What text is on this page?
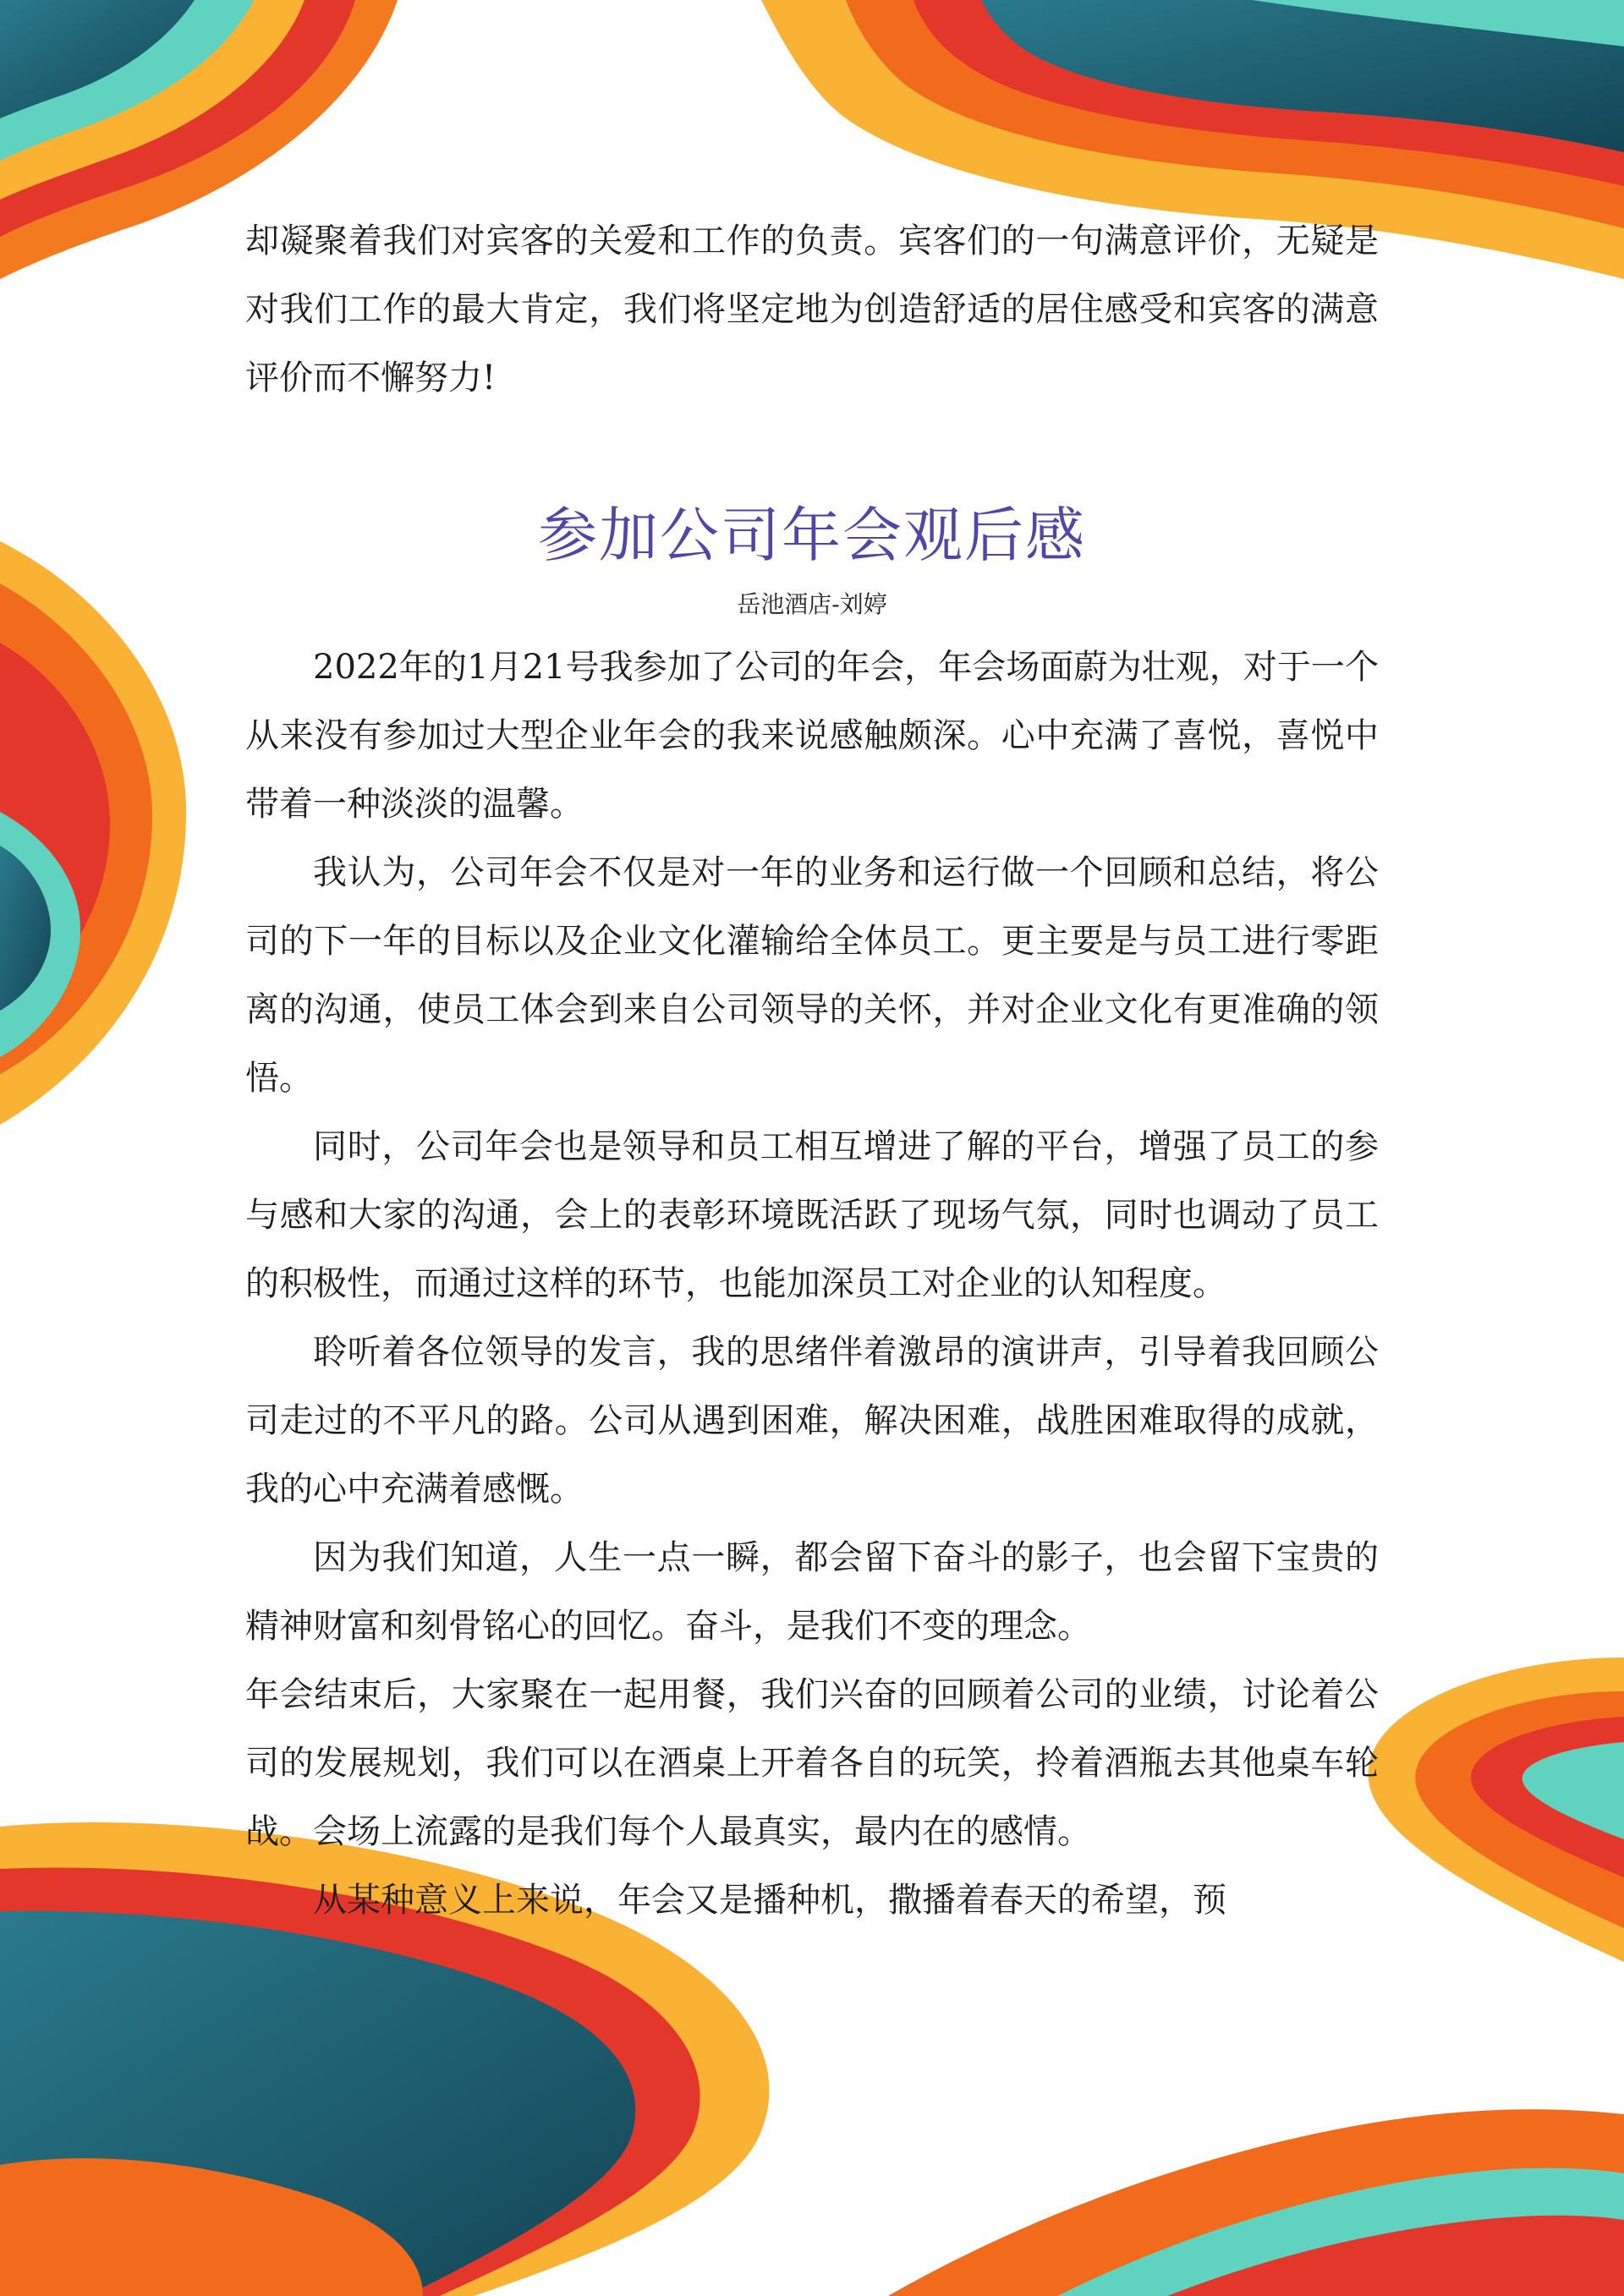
却凝聚着我们对宾客的关爱和工作的负责。宾客们的一句满意评价，无疑是对我们工作的最大肯定，我们将坚定地为创造舒适的居住感受和宾客的满意评价而不懈努力!

参加公司年会观后感
岳池酒店-刘婷

2022年的1月21号我参加了公司的年会，年会场面蔚为壮观，对于一个从来没有参加过大型企业年会的我来说感触颇深。心中充满了喜悦，喜悦中带着一种淡淡的温馨。

我认为，公司年会不仅是对一年的业务和运行做一个回顾和总结，将公司的下一年的目标以及企业文化灌输给全体员工。更主要是与员工进行零距离的沟通，使员工体会到来自公司领导的关怀，并对企业文化有更准确的领悟。

同时，公司年会也是领导和员工相互增进了解的平台，增强了员工的参与感和大家的沟通，会上的表彰环境既活跃了现场气氛，同时也调动了员工的积极性，而通过这样的环节，也能加深员工对企业的认知程度。

聆听着各位领导的发言，我的思绪伴着激昂的演讲声，引导着我回顾公司走过的不平凡的路。公司从遇到困难，解决困难，战胜困难取得的成就，我的心中充满着感慨。

因为我们知道，人生一点一瞬，都会留下奋斗的影子，也会留下宝贵的精神财富和刻骨铭心的回忆。奋斗，是我们不变的理念。

年会结束后，大家聚在一起用餐，我们兴奋的回顾着公司的业绩，讨论着公司的发展规划，我们可以在酒桌上开着各自的玩笑，拎着酒瓶去其他桌车轮战。会场上流露的是我们每个人最真实，最内在的感情。

从某种意义上来说，年会又是播种机，撒播着春天的希望，预
